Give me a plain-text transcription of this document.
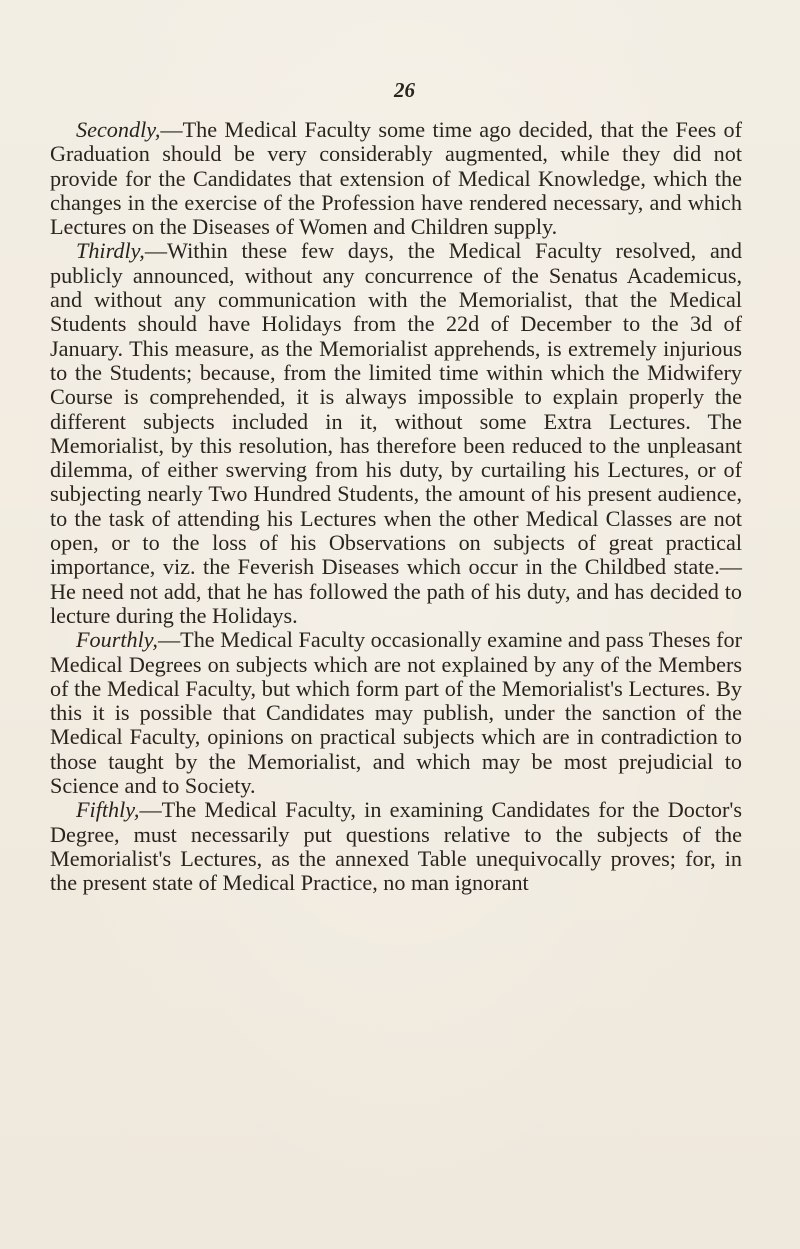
26

Secondly,—The Medical Faculty some time ago decided, that the Fees of Graduation should be very considerably augmented, while they did not provide for the Candidates that extension of Medical Knowledge, which the changes in the exercise of the Profession have rendered necessary, and which Lectures on the Diseases of Women and Children supply.

Thirdly,—Within these few days, the Medical Faculty resolved, and publicly announced, without any concurrence of the Senatus Academicus, and without any communication with the Memorialist, that the Medical Students should have Holidays from the 22d of December to the 3d of January. This measure, as the Memorialist apprehends, is extremely injurious to the Students; because, from the limited time within which the Midwifery Course is comprehended, it is always impossible to explain properly the different subjects included in it, without some Extra Lectures. The Memorialist, by this resolution, has therefore been reduced to the unpleasant dilemma, of either swerving from his duty, by curtailing his Lectures, or of subjecting nearly Two Hundred Students, the amount of his present audience, to the task of attending his Lectures when the other Medical Classes are not open, or to the loss of his Observations on subjects of great practical importance, viz. the Feverish Diseases which occur in the Childbed state.— He need not add, that he has followed the path of his duty, and has decided to lecture during the Holidays.

Fourthly,—The Medical Faculty occasionally examine and pass Theses for Medical Degrees on subjects which are not explained by any of the Members of the Medical Faculty, but which form part of the Memorialist's Lectures. By this it is possible that Candidates may publish, under the sanction of the Medical Faculty, opinions on practical subjects which are in contradiction to those taught by the Memorialist, and which may be most prejudicial to Science and to Society.

Fifthly,—The Medical Faculty, in examining Candidates for the Doctor's Degree, must necessarily put questions relative to the subjects of the Memorialist's Lectures, as the annexed Table unequivocally proves; for, in the present state of Medical Practice, no man ignorant
